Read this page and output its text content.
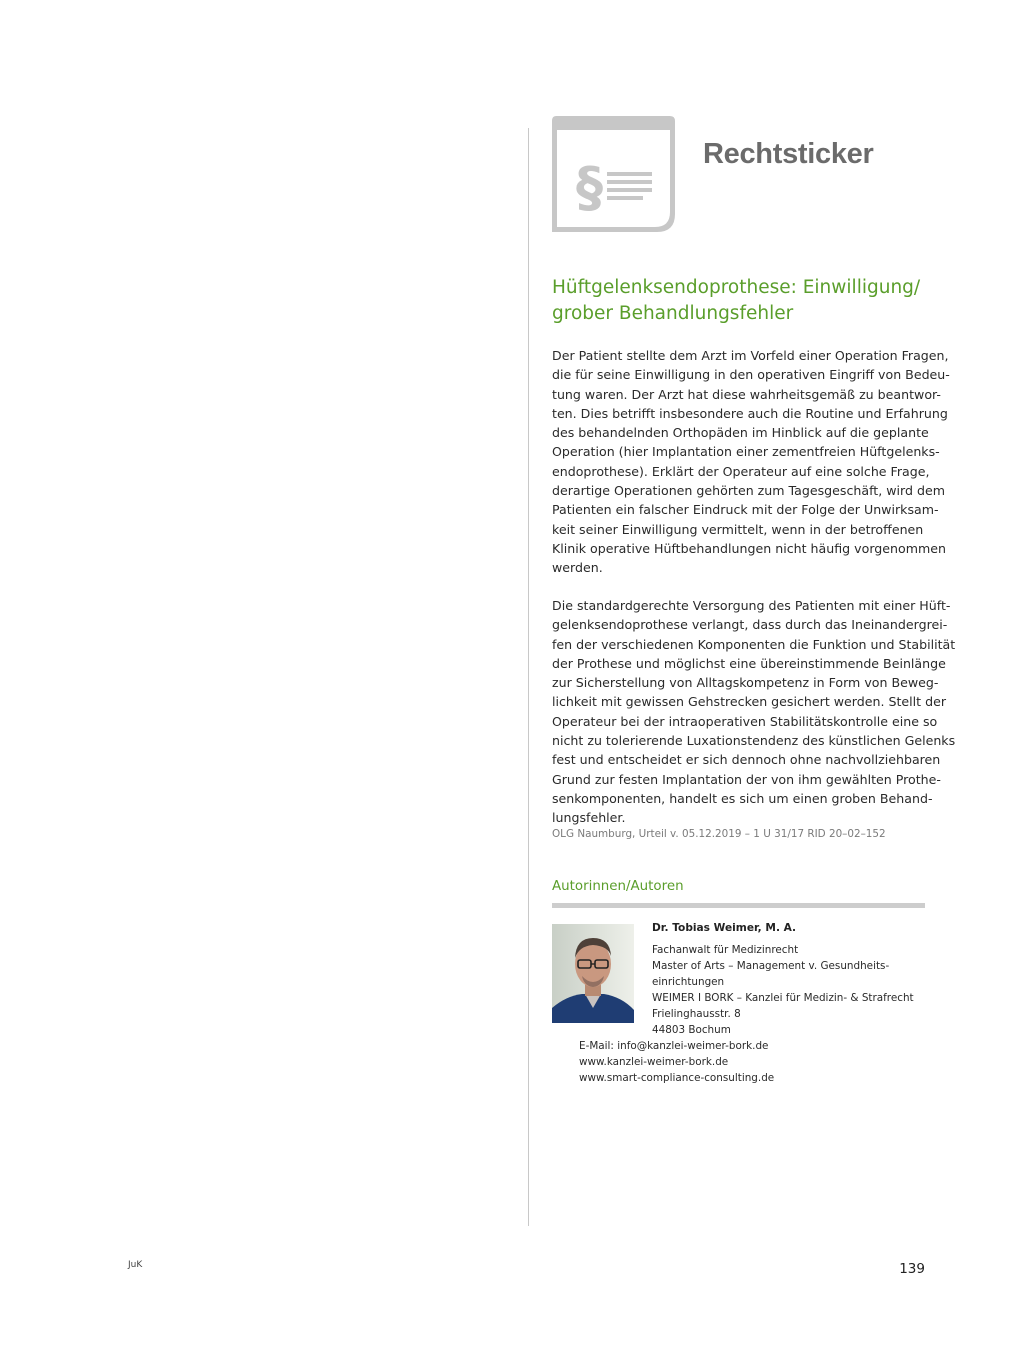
§
Rechtsticker
Hüftgelenksendoprothese: Einwilligung/
grober Behandlungsfehler

Der Patient stellte dem Arzt im Vorfeld einer Operation Fragen,
die für seine Einwilligung in den operativen Eingriff von Bedeu-
tung waren. Der Arzt hat diese wahrheitsgemäß zu beantwor-
ten. Dies betrifft insbesondere auch die Routine und Erfahrung
des behandelnden Orthopäden im Hinblick auf die geplante
Operation (hier Implantation einer zementfreien Hüftgelenks-
endoprothese). Erklärt der Operateur auf eine solche Frage,
derartige Operationen gehörten zum Tagesgeschäft, wird dem
Patienten ein falscher Eindruck mit der Folge der Unwirksam-
keit seiner Einwilligung vermittelt, wenn in der betroffenen
Klinik operative Hüftbehandlungen nicht häufig vorgenommen
werden.

Die standardgerechte Versorgung des Patienten mit einer Hüft-
gelenksendoprothese verlangt, dass durch das Ineinandergrei-
fen der verschiedenen Komponenten die Funktion und Stabilität
der Prothese und möglichst eine übereinstimmende Beinlänge
zur Sicherstellung von Alltagskompetenz in Form von Beweg-
lichkeit mit gewissen Gehstrecken gesichert werden. Stellt der
Operateur bei der intraoperativen Stabilitätskontrolle eine so
nicht zu tolerierende Luxationstendenz des künstlichen Gelenks
fest und entscheidet er sich dennoch ohne nachvollziehbaren
Grund zur festen Implantation der von ihm gewählten Prothe-
senkomponenten, handelt es sich um einen groben Behand-
lungsfehler.

OLG Naumburg, Urteil v. 05.12.2019 – 1 U 31/17 RID 20–02–152
Autorinnen/Autoren
Dr. Tobias Weimer, M. A.
Fachanwalt für Medizinrecht
Master of Arts – Management v. Gesundheits-
einrichtungen
WEIMER I BORK – Kanzlei für Medizin- & Strafrecht
Frielinghausstr. 8
44803 Bochum
E-Mail: info@kanzlei-weimer-bork.de
www.kanzlei-weimer-bork.de
www.smart-compliance-consulting.de
JuK	139
